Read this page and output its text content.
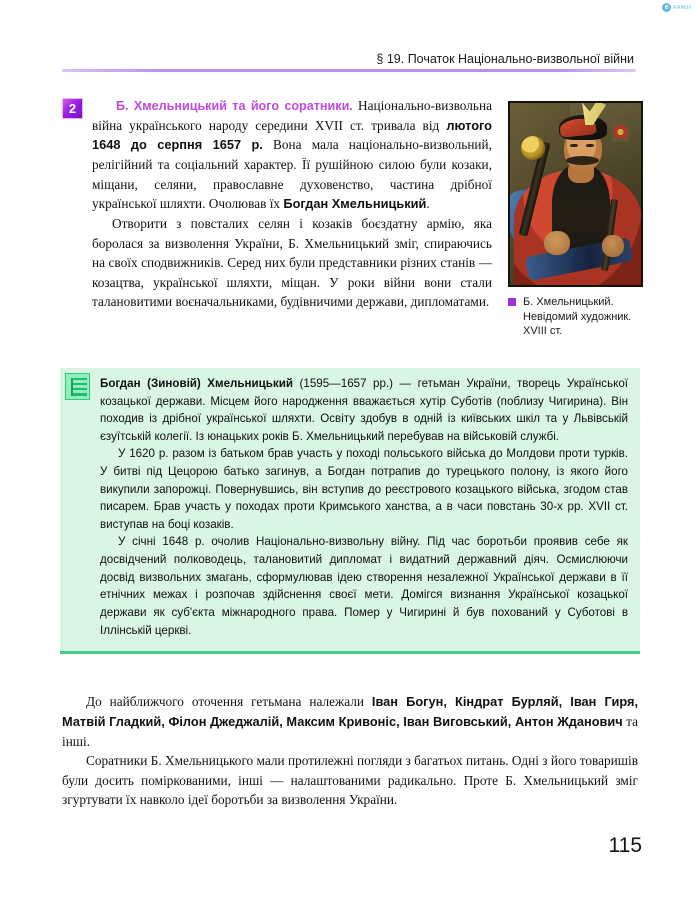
e RANOK
§ 19. Початок Національно-визвольної війни
2	Б. Хмельницький та його соратники. Національно-визвольна війна українського народу середини XVII ст. тривала від лютого 1648 до серпня 1657 р. Вона мала національно-визвольний, релігійний та соціальний характер. Її рушійною силою були козаки, міщани, селяни, православне духовенство, частина дрібної української шляхти. Очолював їх Богдан Хмельницький.

Отворити з повсталих селян і козаків боєздатну армію, яка боролася за визволення України, Б. Хмельницький зміг, спираючись на своїх сподвижників. Серед них були представники різних станів — козацтва, української шляхти, міщан. У роки війни вони стали талановитими воєначальниками, будівничими держави, дипломатами.	Б. Хмельницький. Невідомий художник. XVIII ст.

Богдан (Зиновій) Хмельницький (1595—1657 рр.) — гетьман України, творець Української козацької держави. Місцем його народження вважається хутір Суботів (поблизу Чигирина). Він походив із дрібної української шляхти. Освіту здобув в одній із київських шкіл та у Львівській єзуїтській колегії. Із юнацьких років Б. Хмельницький перебував на військовій службі.

У 1620 р. разом із батьком брав участь у поході польського війська до Молдови проти турків. У битві під Цецорою батько загинув, а Богдан потрапив до турецького полону, із якого його викупили запорожці. Повернувшись, він вступив до реєстрового козацького війська, згодом став писарем. Брав участь у походах проти Кримського ханства, а в часи повстань 30-х рр. XVII ст. виступав на боці козаків.

У січні 1648 р. очолив Національно-визвольну війну. Під час боротьби проявив себе як досвідчений полководець, талановитий дипломат і видатний державний діяч. Осмислюючи досвід визвольних змагань, сформулював ідею створення незалежної Української держави в її етнічних межах і розпочав здійснення своєї мети. Домігся визнання Української козацької держави як суб'єкта міжнародного права. Помер у Чигирині й був похований у Суботові в Іллінській церкві.

До найближчого оточення гетьмана належали Іван Богун, Кіндрат Бурляй, Іван Гиря, Матвій Гладкий, Філон Джеджалій, Максим Кривоніс, Іван Виговський, Антон Жданович та інші.

Соратники Б. Хмельницького мали протилежні погляди з багатьох питань. Одні з його товаришів були досить поміркованими, інші — налаштованими радикально. Проте Б. Хмельницький зміг згуртувати їх навколо ідеї боротьби за визволення України.

115
